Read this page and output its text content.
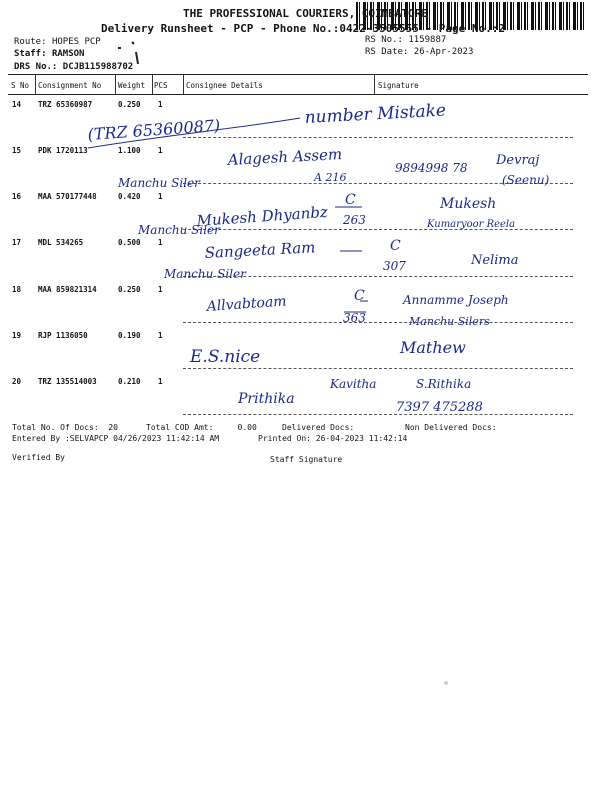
THE PROFESSIONAL COURIERS, COIMBATORE
Delivery Runsheet - PCP - Phone No.:0422-3505555 - Page No.:2
Route: HOPES PCP
Staff: RAMSON
DRS No.: DCJB115988702
RS No.: 1159887
RS Date: 26-Apr-2023
S No Consignment No Weight PCS Consignee Details	Signature
14 TRZ 65360987	0.250 1
15 PDK 1720113	1.100 1
16 MAA 570177448	0.420 1
17 MDL 534265	0.500 1
18 MAA 859821314	0.250 1
19 RJP 1136050	0.190 1
20 TRZ 135514003	0.210 1
(TRZ 65360087)
number Mistake
Alagesh Assem
A 216
9894998 78 Devraj
(Seenu)
Manchu Siler
Mukesh Dhyanbz
C
263
Mukesh
Kumaryoor Reela
Manchu Siler
Sangeeta Ram	C
307	Nelima
Manchu Siler
Allvabtoam	C
363
Annamme Joseph
Manchu Silers
E.S.nice	Mathew
Prithika
Kavitha	S.Rithika
7397 475288
Total No. Of Docs:  20	Total COD Amt:     0.00	Delivered Docs:	Non Delivered Docs:
Entered By :SELVAPCP 04/26/2023 11:42:14 AM	Printed On: 26-04-2023 11:42:14
Verified By	Staff Signature
